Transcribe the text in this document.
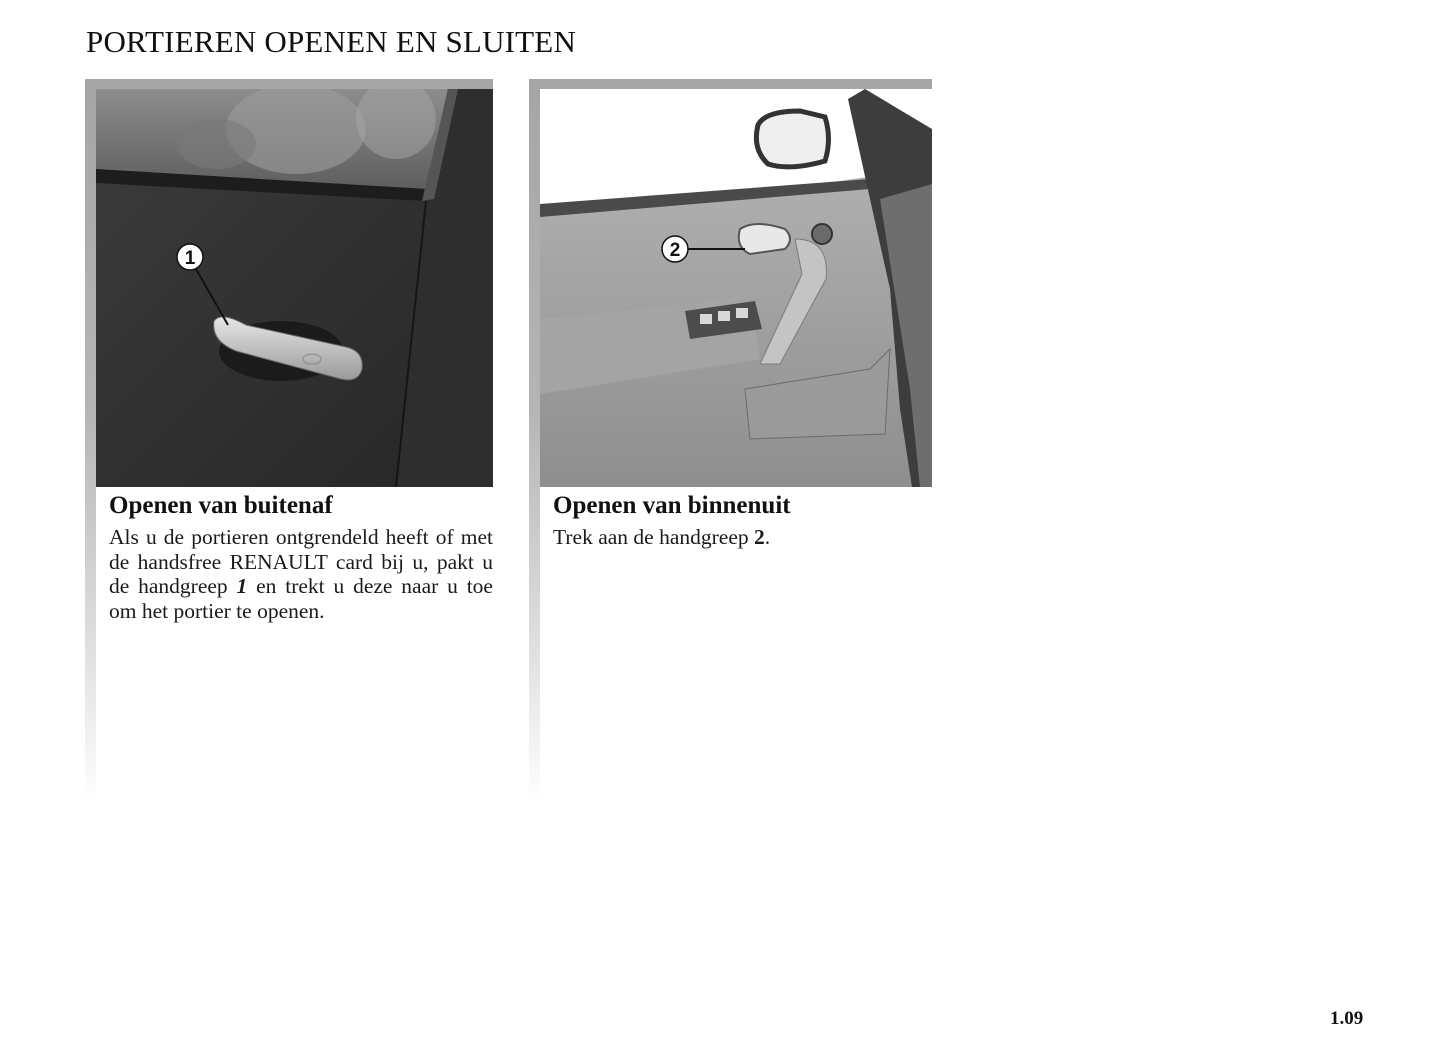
PORTIEREN OPENEN EN SLUITEN
1
Openen van buitenaf

Als u de portieren ontgrendeld heeft of met de handsfree RENAULT card bij u, pakt u de handgreep 1 en trekt u deze naar u toe om het portier te openen.

2
Openen van binnenuit

Trek aan de handgreep 2.

1.09
